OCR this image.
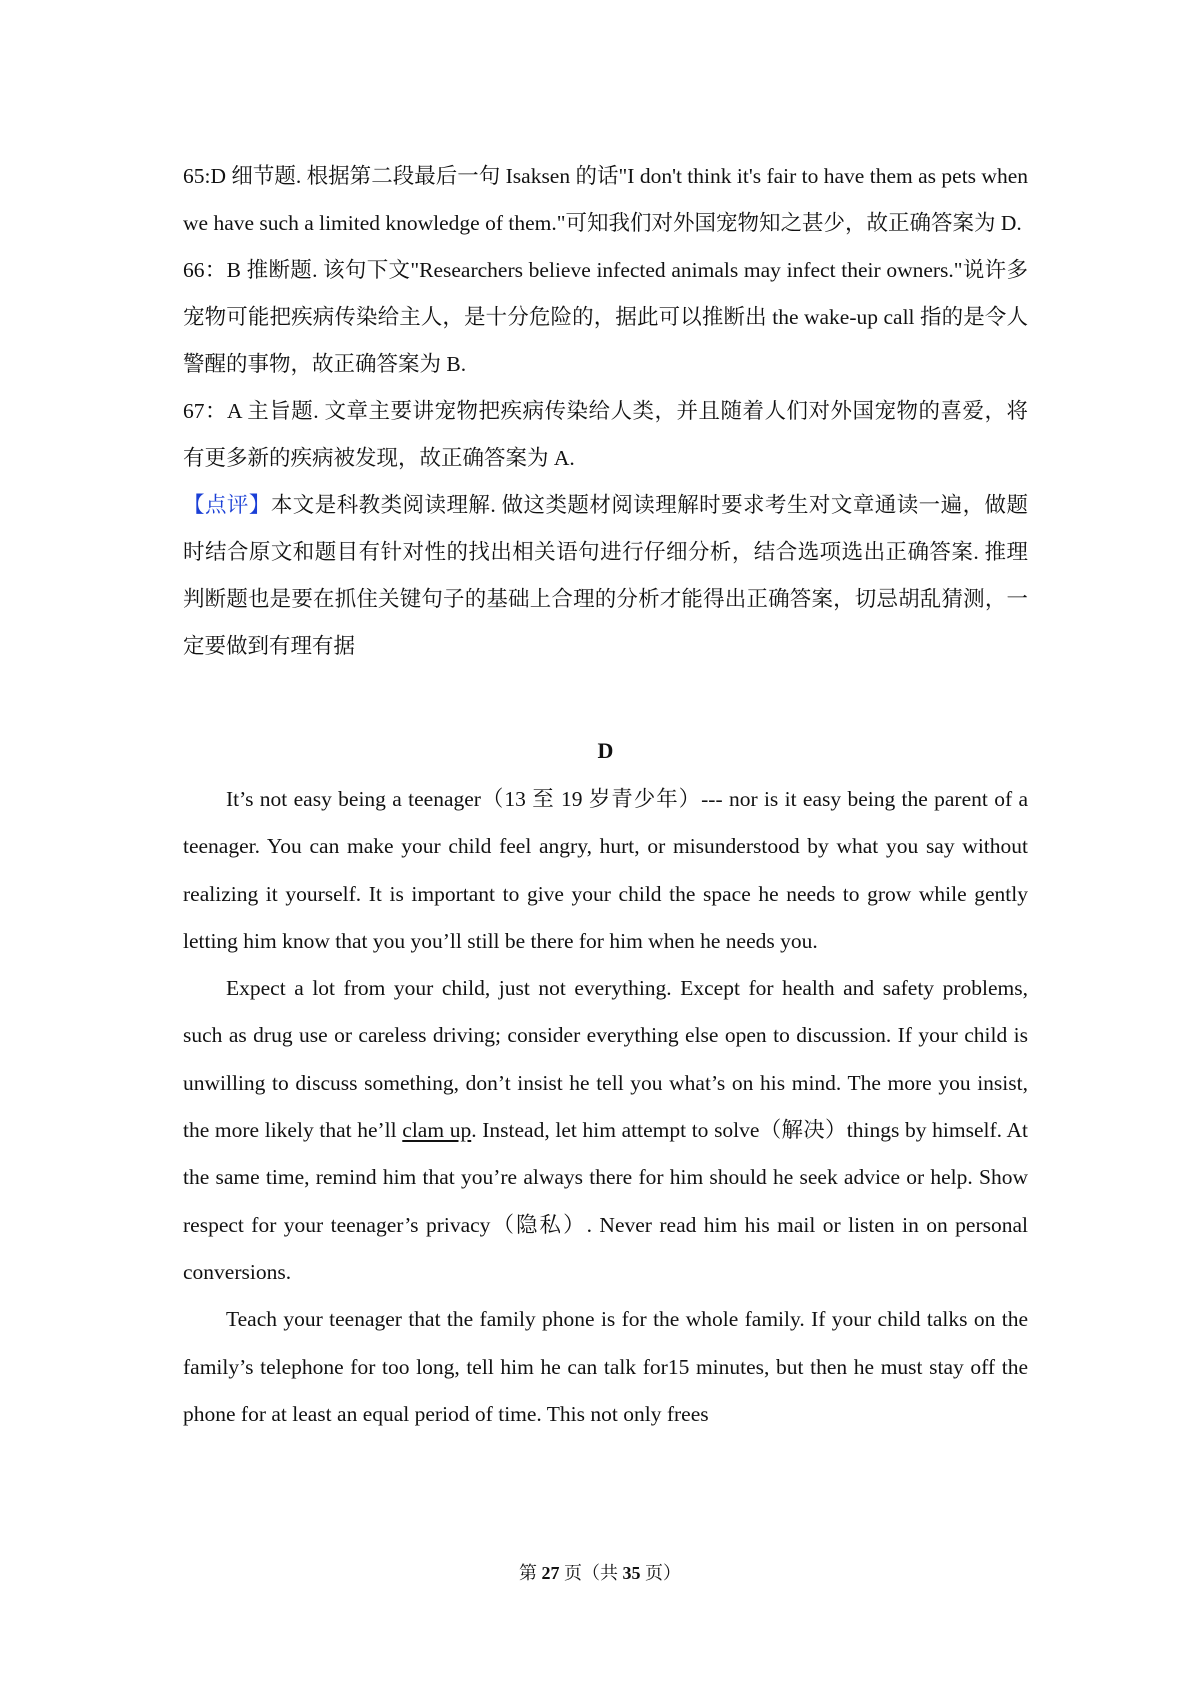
65:D 细节题. 根据第二段最后一句 Isaksen 的话"I don't think it's fair to have them as pets when we have such a limited knowledge of them."可知我们对外国宠物知之甚少，故正确答案为 D.

66：B 推断题. 该句下文"Researchers believe infected animals may infect their owners."说许多宠物可能把疾病传染给主人，是十分危险的，据此可以推断出 the wake-up call 指的是令人警醒的事物，故正确答案为 B.

67：A 主旨题. 文章主要讲宠物把疾病传染给人类，并且随着人们对外国宠物的喜爱，将有更多新的疾病被发现，故正确答案为 A.

【点评】本文是科教类阅读理解. 做这类题材阅读理解时要求考生对文章通读一遍，做题时结合原文和题目有针对性的找出相关语句进行仔细分析，结合选项选出正确答案. 推理判断题也是要在抓住关键句子的基础上合理的分析才能得出正确答案，切忌胡乱猜测，一定要做到有理有据

D

It’s not easy being a teenager（13 至 19 岁青少年）--- nor is it easy being the parent of a teenager. You can make your child feel angry, hurt, or misunderstood by what you say without realizing it yourself. It is important to give your child the space he needs to grow while gently letting him know that you you’ll still be there for him when he needs you.

Expect a lot from your child, just not everything. Except for health and safety problems, such as drug use or careless driving; consider everything else open to discussion. If your child is unwilling to discuss something, don’t insist he tell you what’s on his mind. The more you insist, the more likely that he’ll clam up. Instead, let him attempt to solve（解决）things by himself. At the same time, remind him that you’re always there for him should he seek advice or help. Show respect for your teenager’s privacy（隐私）. Never read him his mail or listen in on personal conversions.

Teach your teenager that the family phone is for the whole family. If your child talks on the family’s telephone for too long, tell him he can talk for15 minutes, but then he must stay off the phone for at least an equal period of time. This not only frees

第 27 页（共 35 页）
